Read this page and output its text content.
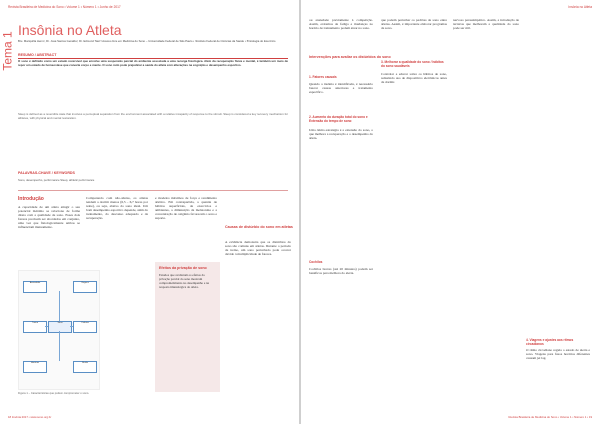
Revista Brasileira de Medicina do Sono • Volume 1 • Número 1 • Junho de 2017
Tema 1
Insônia no Atleta
Bru. Mariquiña Henn¹, Dr. José Santos Geraldo², Dr. Edmond Taw³ ¹Acesso livre em Medicina do Sono – Universidade Federal de São Paulo • ²Instituto Federal de Ciências da Saúde • ³Fisiologia do Exercício
RESUMO / ABSTRACT
O sono é definido como um estado reversível que envolve uma suspensão parcial do ambiente associada a uma recarga fisiológica. Além da recuperação física e mental, é também um meio de repor um estado de homeostase que conecta corpo e mente. O sono ruim pode prejudicar a saúde do atleta com alterações na cognição e desempenho esportivo.
Sleep is defined as a reversible state that involves a perceptual separation from the environment associated with a relative incapacity of response to the stimuli. Sleep is considered a key recovery mechanism for athletes, with physical and mental restoration.
PALAVRAS-CHAVE / KEYWORDS
Sono, desempenho, performance Sleep, athletic performance
Introdução
A capacidade de um atleta atingir o seu potencial máximo se relaciona de forma direta com a qualidade de sono. Esses dois fatores precisam ser abordados em conjunto, uma vez que fisiologicamente ambos se influenciam mutuamente.
Comparando com não-atletas, os atletas tendem a dormir menos (6,5 – 6,7 horas por noite), ou seja, abaixo do sono ideal. Um bom desempenho esportivo depende, além do treinamento, do descanso adequado e da recuperação.
Sono
Ansiedade	Viagens
Treino	Cafeína
Horários	Ruído
Figura 1 – Características que podem comprometer o sono.
Efeitos da privação de sono

Estudos que avaliaram os efeitos da privação parcial do sono mostram comprometimento no desempenho e na resposta imunológica do atleta.

e modelos máximos de força e rendimento atlético. Em contrapartida, a quantia de hábitos superficiais, de exercícios e ambientes, a diminuição da melatonina e a concentração de oxigênio favorecem o sono e suporte.
Causas de distúrbio do sono em atletas
A evidência demonstra que os distúrbios do sono são comuns em atletas. Durante o período de treino, um sono perturbado pode ocorrer devido à multiplicidade de fatores.
18 Insônia 2017 • www.sono.org.br
Insônia no Atleta
ou ansiedade previamente à competição. Assim, extremos de fadiga e mudanças no horário de treinamento podem atuar no sono.
Intervenções para avaliar os distúrbios do sono
1. Fatores causais
Quando a insônia é identificada, é necessário buscar causas anteriores e tratamento específico.
2. Aumento da duração total do sono e Extensão do tempo de sono
Uma ótima estratégia é a extensão do sono, o que melhora a recuperação e o desempenho do atleta.
Cochilos
Cochilos breves (até 20 minutos) podem ser benéficos para melhora do alerta.
que podem perturbar os padrões de sono entre atletas. Assim, é importante elaborar programas de sono.
3. Melhorar a qualidade do sono / hábitos do sono saudáveis
Controlar e educar sobre os hábitos de sono, reduzindo uso de dispositivos eletrônicos antes de dormir.
nervoso parassimpático. Assim, a introdução de técnicas que melhoram a qualidade do sono pode ser útil.
4. Viagens e ajustes aos ritmos circadianos
O ritmo circadiano regula o estado de alerta e sono. Viagens para fusos horários diferentes causam jet lag.
Revista Brasileira de Medicina do Sono • Volume 1 • Número 1 • 19
